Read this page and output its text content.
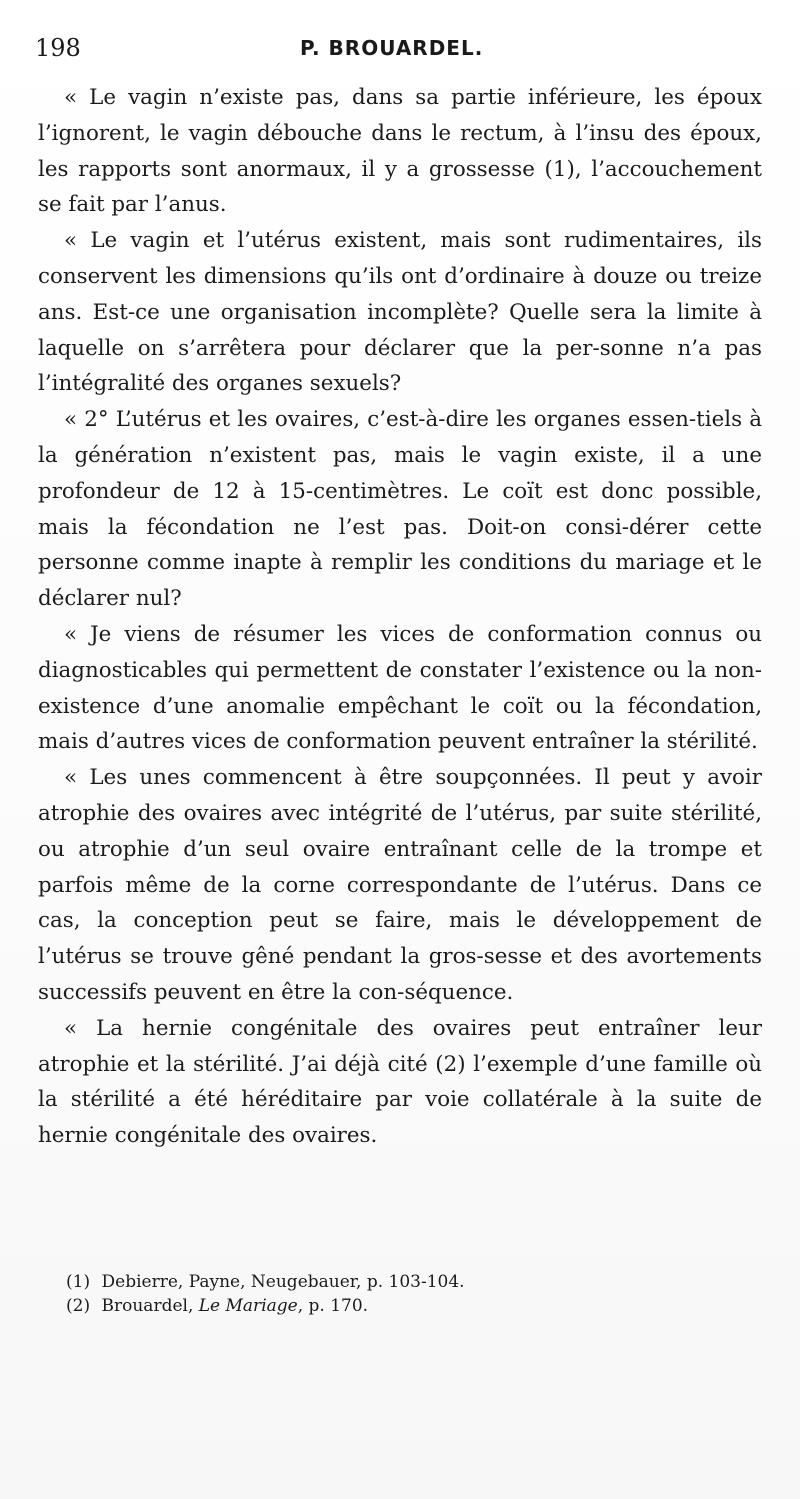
198	P. BROUARDEL.

« Le vagin n’existe pas, dans sa partie inférieure, les époux l’ignorent, le vagin débouche dans le rectum, à l’insu des époux, les rapports sont anormaux, il y a grossesse (1), l’accouchement se fait par l’anus.

« Le vagin et l’utérus existent, mais sont rudimentaires, ils conservent les dimensions qu’ils ont d’ordinaire à douze ou treize ans. Est-ce une organisation incomplète? Quelle sera la limite à laquelle on s’arrêtera pour déclarer que la per-sonne n’a pas l’intégralité des organes sexuels?

« 2° L’utérus et les ovaires, c’est-à-dire les organes essen-tiels à la génération n’existent pas, mais le vagin existe, il a une profondeur de 12 à 15-centimètres. Le coït est donc possible, mais la fécondation ne l’est pas. Doit-on consi-dérer cette personne comme inapte à remplir les conditions du mariage et le déclarer nul?

« Je viens de résumer les vices de conformation connus ou diagnosticables qui permettent de constater l’existence ou la non-existence d’une anomalie empêchant le coït ou la fécondation, mais d’autres vices de conformation peuvent entraîner la stérilité.

« Les unes commencent à être soupçonnées. Il peut y avoir atrophie des ovaires avec intégrité de l’utérus, par suite stérilité, ou atrophie d’un seul ovaire entraînant celle de la trompe et parfois même de la corne correspondante de l’utérus. Dans ce cas, la conception peut se faire, mais le développement de l’utérus se trouve gêné pendant la gros-sesse et des avortements successifs peuvent en être la con-séquence.

« La hernie congénitale des ovaires peut entraîner leur atrophie et la stérilité. J’ai déjà cité (2) l’exemple d’une famille où la stérilité a été héréditaire par voie collatérale à la suite de hernie congénitale des ovaires.

(1) Debierre, Payne, Neugebauer, p. 103-104.

(2) Brouardel, Le Mariage, p. 170.
